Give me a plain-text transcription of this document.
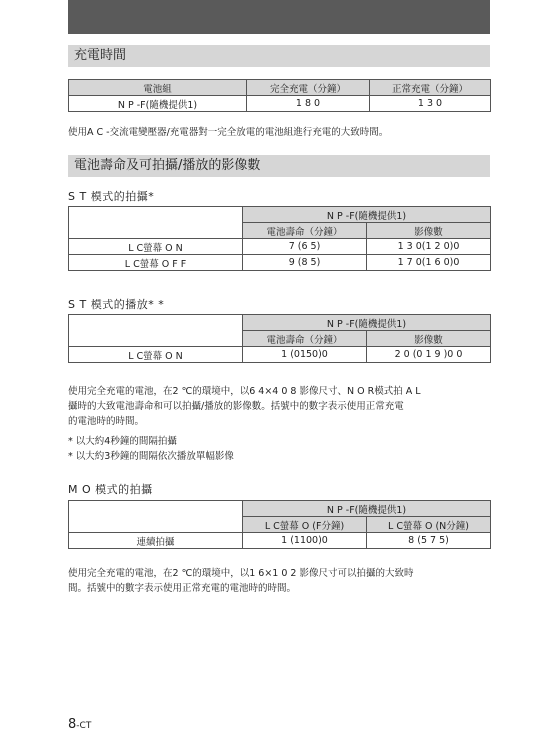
充電時間
電池組	完全充電（分鐘）	正常充電（分鐘）
N P -F(隨機提供1)	1 8 0	1 3 0
使用A C -交流電變壓器/充電器對一完全放電的電池組進行充電的大致時間。
電池壽命及可拍攝/播放的影像數
S T 模式的拍攝*
	N P -F(隨機提供1)	
	電池壽命（分鐘）	影像數
L C螢幕 O N	7 (6 5)	1 3 0(1 2 0)0
L C螢幕 O F F	9 (8 5)	1 7 0(1 6 0)0
S T 模式的播放* *
	N P -F(隨機提供1)	
	電池壽命（分鐘）	影像數
L C螢幕 O N	1 (0150)0	2 0 (0 1 9 )0 0
使用完全充電的電池，在2 ℃的環境中，以6 4×4 0 8 影像尺寸、N O R模式拍 A L
攝時的大致電池壽命和可以拍攝/播放的影像數。括號中的數字表示使用正常充電
的電池時的時間。
* 以大約4秒鐘的間隔拍攝
* 以大約3秒鐘的間隔依次播放單幅影像
M O 模式的拍攝
	N P -F(隨機提供1)	
	L C螢幕 O (F分鐘)	L C螢幕 O (N分鐘)
連續拍攝	1 (1100)0	8 (5 7 5)
使用完全充電的電池，在2 ℃的環境中，以1 6×1 0 2 影像尺寸可以拍攝的大致時
間。括號中的數字表示使用正常充電的電池時的時間。
8-CT
